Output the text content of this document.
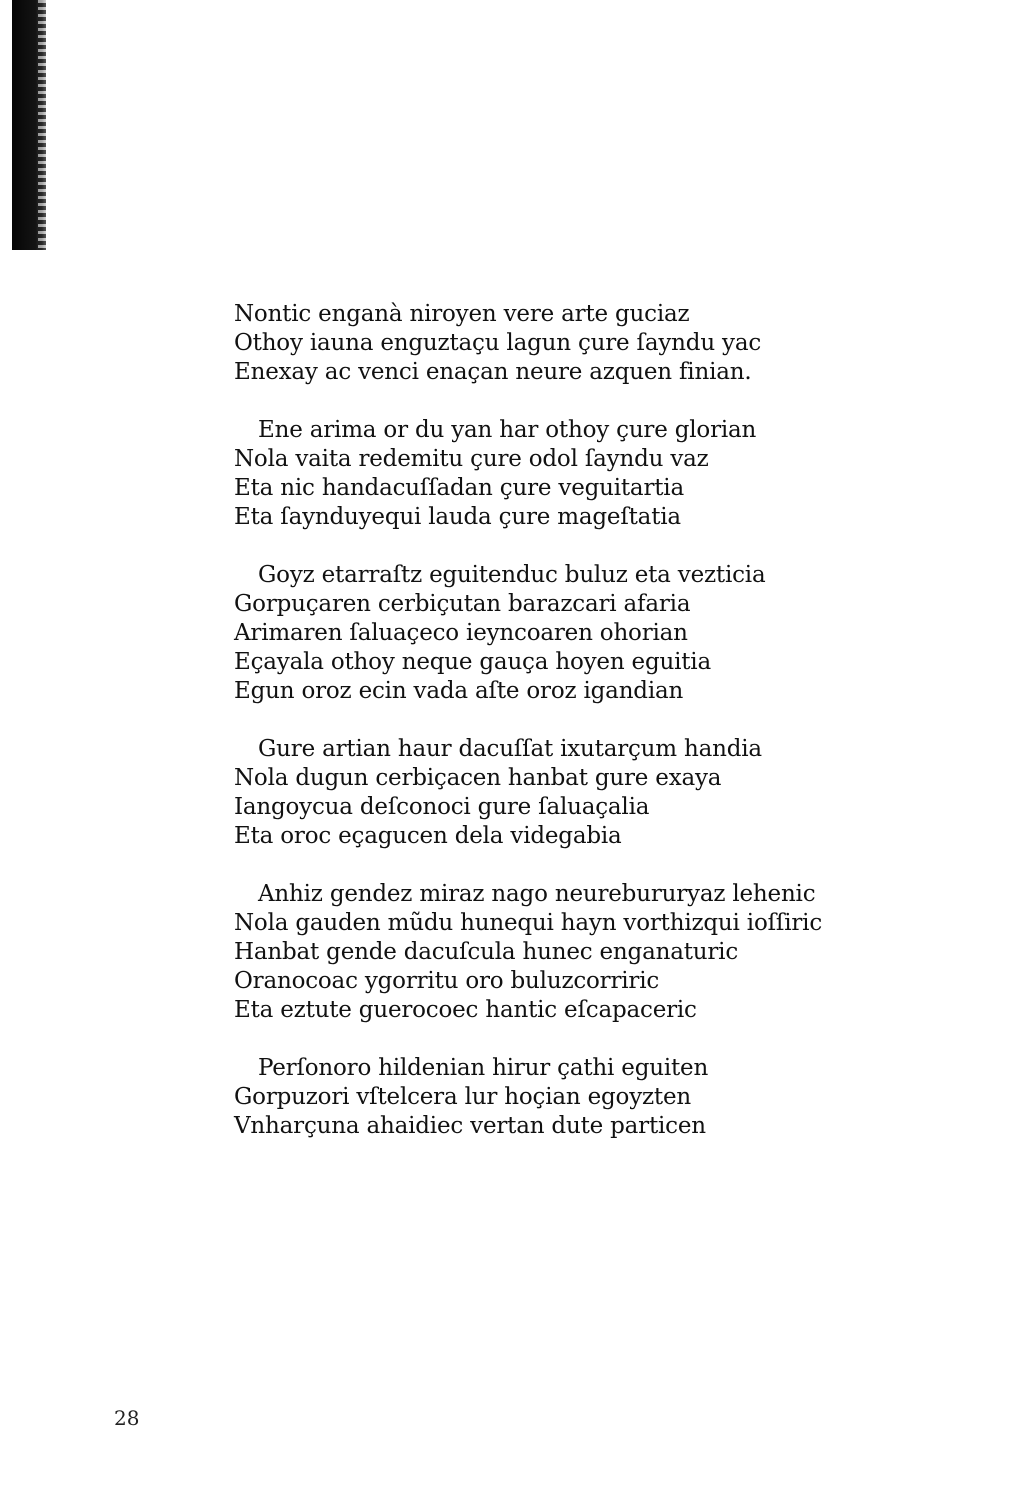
Nontic enganà niroyen vere arte guciaz
Othoy iauna enguztaçu lagun çure ſayndu yac
Enexay ac venci enaçan neure azquen finian.
Ene arima or du yan har othoy çure glorian
Nola vaita redemitu çure odol ſayndu vaz
Eta nic handacuſſadan çure veguitartia
Eta ſaynduyequi lauda çure mageſtatia
Goyz etarraſtz eguitenduc buluz eta vezticia
Gorpuçaren cerbiçutan barazcari afaria
Arimaren ſaluaçeco ieyncoaren ohorian
Eçayala othoy neque gauça hoyen eguitia
Egun oroz ecin vada aſte oroz igandian
Gure artian haur dacuſſat ixutarçum handia
Nola dugun cerbiçacen hanbat gure exaya
Iangoycua deſconoci gure ſaluaçalia
Eta oroc eçagucen dela videgabia
Anhiz gendez miraz nago neurebururyaz lehenic
Nola gauden mũdu hunequi hayn vorthizqui ioſſiric
Hanbat gende dacuſcula hunec enganaturic
Oranocoac ygorritu oro buluzcorriric
Eta eztute guerocoec hantic eſcapaceric
Perſonoro hildenian hirur çathi eguiten
Gorpuzori vſtelcera lur hoçian egoyzten
Vnharçuna ahaidiec vertan dute particen
28
